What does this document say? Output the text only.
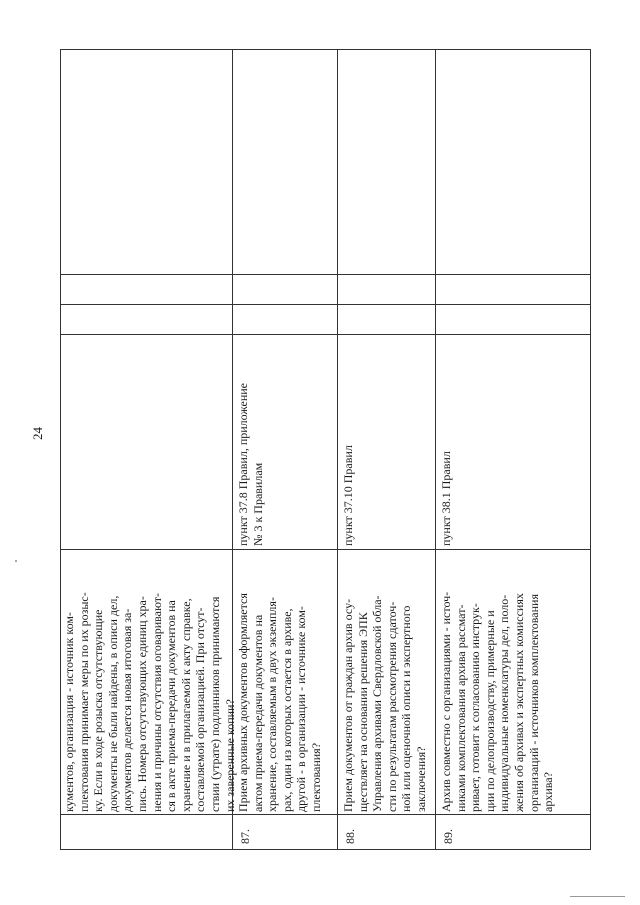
24
кументов, организация - источник ком-
плектования принимает меры по их розыс-
ку. Если в ходе розыска отсутствующие
документы не были найдены, в описи дел,
документов делается новая итоговая за-
пись. Номера отсутствующих единиц хра-
нения и причины отсутствия оговаривают-
ся в акте приема-передачи документов на
хранение и в прилагаемой к акту справке,
составляемой организацией. При отсут-
ствии (утрате) подлинников принимаются
их заверенные копии?
87.
Прием архивных документов оформляется
актом приема-передачи документов на
хранение, составляемым в двух экземпля-
рах, один из которых остается в архиве,
другой - в организации - источнике ком-
плектования?
пункт 37.8 Правил, приложение
№ 3 к Правилам
88.
Прием документов от граждан архив осу-
ществляет на основании решения ЭПК
Управления архивами Свердловской обла-
сти по результатам рассмотрения сдаточ-
ной или оценочной описи и экспертного
заключения?
пункт 37.10 Правил
89.
Архив совместно с организациями - источ-
никами комплектования архива рассмат-
ривает, готовит к согласованию инструк-
ции по делопроизводству, примерные и
индивидуальные номенклатуры дел, поло-
жения об архивах и экспертных комиссиях
организаций - источников комплектования
архива?
пункт 38.1 Правил
